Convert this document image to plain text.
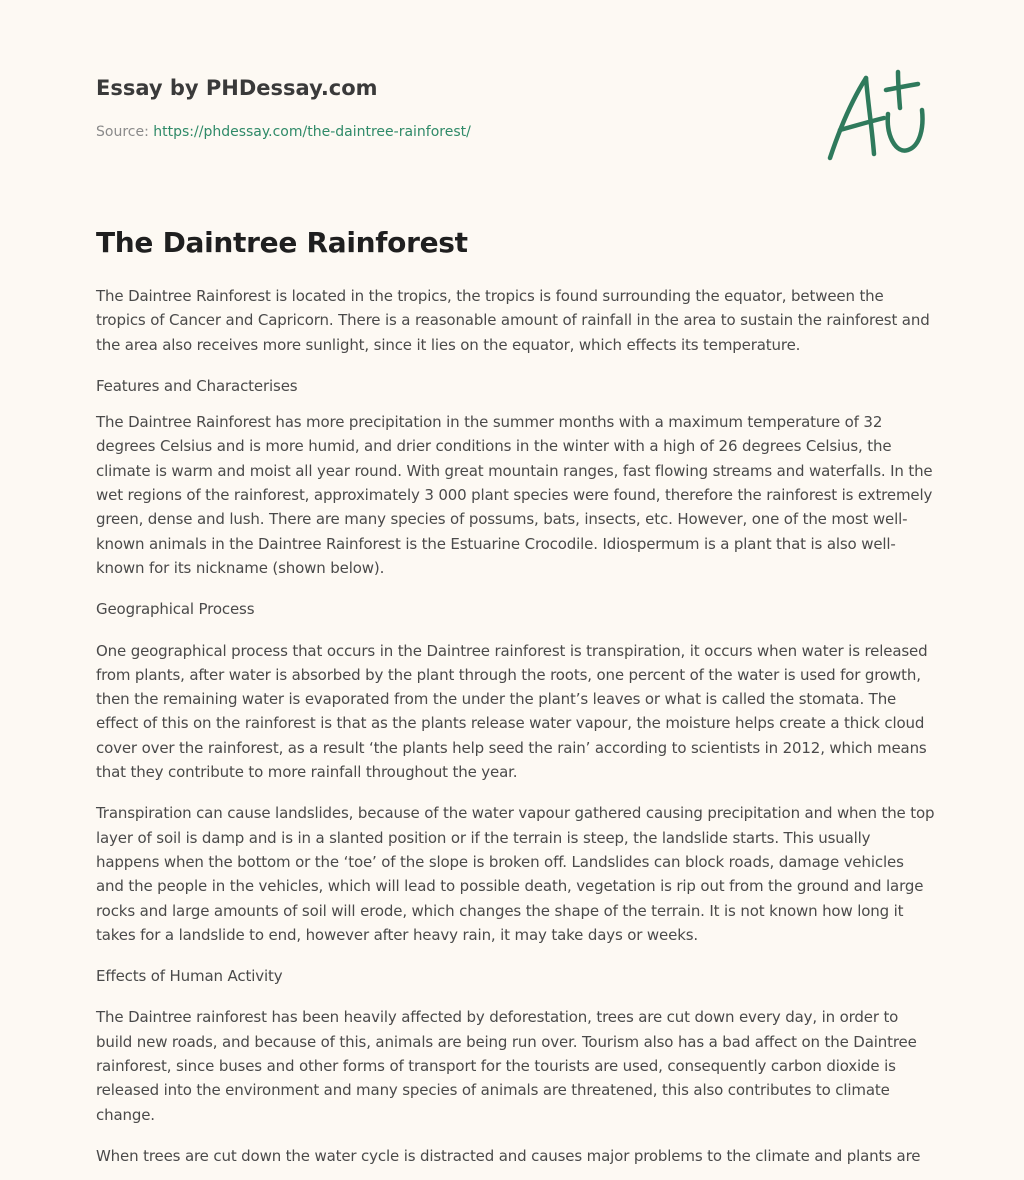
Essay by PHDessay.com
Source: https://phdessay.com/the-daintree-rainforest/
The Daintree Rainforest

The Daintree Rainforest is located in the tropics, the tropics is found surrounding the equator, between the tropics of Cancer and Capricorn. There is a reasonable amount of rainfall in the area to sustain the rainforest and the area also receives more sunlight, since it lies on the equator, which effects its temperature.

Features and Characterises

The Daintree Rainforest has more precipitation in the summer months with a maximum temperature of 32 degrees Celsius and is more humid, and drier conditions in the winter with a high of 26 degrees Celsius, the climate is warm and moist all year round. With great mountain ranges, fast flowing streams and waterfalls. In the wet regions of the rainforest, approximately 3 000 plant species were found, therefore the rainforest is extremely green, dense and lush. There are many species of possums, bats, insects, etc. However, one of the most well-known animals in the Daintree Rainforest is the Estuarine Crocodile. Idiospermum is a plant that is also well-known for its nickname (shown below).

Geographical Process

One geographical process that occurs in the Daintree rainforest is transpiration, it occurs when water is released from plants, after water is absorbed by the plant through the roots, one percent of the water is used for growth, then the remaining water is evaporated from the under the plant’s leaves or what is called the stomata. The effect of this on the rainforest is that as the plants release water vapour, the moisture helps create a thick cloud cover over the rainforest, as a result ‘the plants help seed the rain’ according to scientists in 2012, which means that they contribute to more rainfall throughout the year.

Transpiration can cause landslides, because of the water vapour gathered causing precipitation and when the top layer of soil is damp and is in a slanted position or if the terrain is steep, the landslide starts. This usually happens when the bottom or the ‘toe’ of the slope is broken off. Landslides can block roads, damage vehicles and the people in the vehicles, which will lead to possible death, vegetation is rip out from the ground and large rocks and large amounts of soil will erode, which changes the shape of the terrain. It is not known how long it takes for a landslide to end, however after heavy rain, it may take days or weeks.

Effects of Human Activity

The Daintree rainforest has been heavily affected by deforestation, trees are cut down every day, in order to build new roads, and because of this, animals are being run over. Tourism also has a bad affect on the Daintree rainforest, since buses and other forms of transport for the tourists are used, consequently carbon dioxide is released into the environment and many species of animals are threatened, this also contributes to climate change.

When trees are cut down the water cycle is distracted and causes major problems to the climate and plants are
